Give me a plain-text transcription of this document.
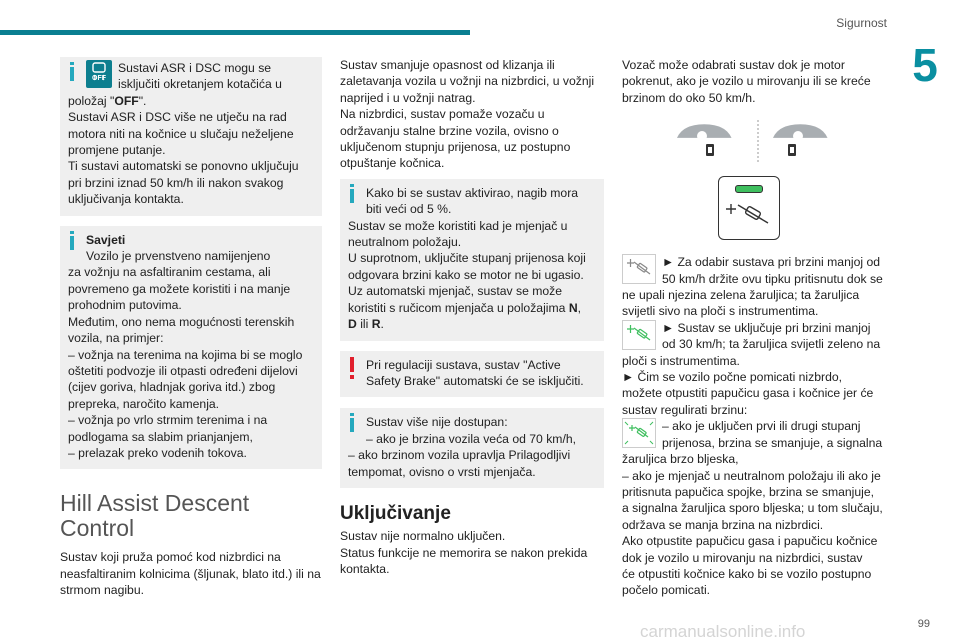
Sigurnost
5
99
carmanualsonline.info
OFF

Sustavi ASR i DSC mogu se

isključiti okretanjem kotačića u

položaj "OFF".

Sustavi ASR i DSC više ne utječu na rad

motora niti na kočnice u slučaju neželjene

promjene putanje.

Ti sustavi automatski se ponovno uključuju

pri brzini iznad 50 km/h ili nakon svakog

uključivanja kontakta.

Savjeti

Vozilo je prvenstveno namijenjeno

za vožnju na asfaltiranim cestama, ali

povremeno ga možete koristiti i na manje

prohodnim putovima.

Međutim, ono nema mogućnosti terenskih

vozila, na primjer:

– vožnja na terenima na kojima bi se moglo

oštetiti podvozje ili otpasti određeni dijelovi

(cijev goriva, hladnjak goriva itd.) zbog

prepreka, naročito kamenja.

– vožnja po vrlo strmim terenima i na

podlogama sa slabim prianjanjem,

– prelazak preko vodenih tokova.

Hill Assist Descent
Control

Sustav koji pruža pomoć kod nizbrdici na

neasfaltiranim kolnicima (šljunak, blato itd.) ili na

strmom nagibu.

Sustav smanjuje opasnost od klizanja ili

zaletavanja vozila u vožnji na nizbrdici, u vožnji

naprijed i u vožnji natrag.

Na nizbrdici, sustav pomaže vozaču u

održavanju stalne brzine vozila, ovisno o

uključenom stupnju prijenosa, uz postupno

otpuštanje kočnica.

Kako bi se sustav aktivirao, nagib mora

biti veći od 5 %.

Sustav se može koristiti kad je mjenjač u

neutralnom položaju.

U suprotnom, uključite stupanj prijenosa koji

odgovara brzini kako se motor ne bi ugasio.

Uz automatski mjenjač, sustav se može

koristiti s ručicom mjenjača u položajima N,

D ili R.

Pri regulaciji sustava, sustav "Active

Safety Brake" automatski će se isključiti.

Sustav više nije dostupan:

– ako je brzina vozila veća od 70 km/h,

– ako brzinom vozila upravlja Prilagodljivi

tempomat, ovisno o vrsti mjenjača.

Uključivanje

Sustav nije normalno uključen.

Status funkcije ne memorira se nakon prekida

kontakta.

Vozač može odabrati sustav dok je motor

pokrenut, ako je vozilo u mirovanju ili se kreće

brzinom do oko 50 km/h.

► Za odabir sustava pri brzini manjoj od

50 km/h držite ovu tipku pritisnutu dok se

ne upali njezina zelena žaruljica; ta žaruljica

svijetli sivo na ploči s instrumentima.

► Sustav se uključuje pri brzini manjoj

od 30 km/h; ta žaruljica svijetli zeleno na

ploči s instrumentima.

► Čim se vozilo počne pomicati nizbrdo,

možete otpustiti papučicu gasa i kočnice jer će

sustav regulirati brzinu:

– ako je uključen prvi ili drugi stupanj

prijenosa, brzina se smanjuje, a signalna

žaruljica brzo bljeska,

– ako je mjenjač u neutralnom položaju ili ako je

pritisnuta papučica spojke, brzina se smanjuje,

a signalna žaruljica sporo bljeska; u tom slučaju,

održava se manja brzina na nizbrdici.

Ako otpustite papučicu gasa i papučicu kočnice

dok je vozilo u mirovanju na nizbrdici, sustav

će otpustiti kočnice kako bi se vozilo postupno

počelo pomicati.
